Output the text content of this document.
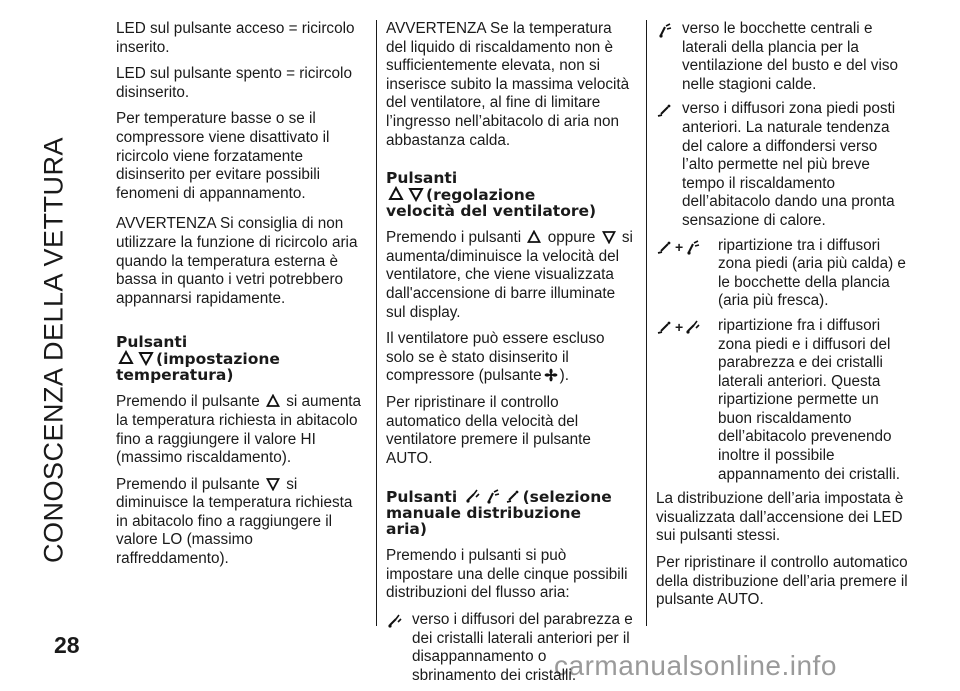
CONOSCENZA DELLA VETTURA
28
carmanualsonline.info

LED sul pulsante acceso = ricircolo inserito.

LED sul pulsante spento = ricircolo disinserito.

Per temperature basse o se il compressore viene disattivato il ricircolo viene forzatamente disinserito per evitare possibili fenomeni di appannamento.

AVVERTENZA Si consiglia di non utilizzare la funzione di ricircolo aria quando la temperatura esterna è bassa in quanto i vetri potrebbero appannarsi rapidamente.

Pulsanti

(impostazione
temperatura)

Premendo il pulsante si aumenta la temperatura richiesta in abitacolo fino a raggiungere il valore HI (massimo riscaldamento).

Premendo il pulsante si diminuisce la temperatura richiesta in abitacolo fino a raggiungere il valore LO (massimo raffreddamento).

AVVERTENZA Se la temperatura del liquido di riscaldamento non è sufficientemente elevata, non si inserisce subito la massima velocità del ventilatore, al fine di limitare l’ingresso nell’abitacolo di aria non abbastanza calda.

Pulsanti

(regolazione
velocità del ventilatore)

Premendo i pulsanti oppure si aumenta/diminuisce la velocità del ventilatore, che viene visualizzata dall'accensione di barre illuminate sul display.

Il ventilatore può essere escluso solo se è stato disinserito il compressore (pulsante ).

Per ripristinare il controllo automatico della velocità del ventilatore premere il pulsante AUTO.

Pulsanti	(selezione
manuale distribuzione
aria)

Premendo i pulsanti si può impostare una delle cinque possibili distribuzioni del flusso aria:

verso i diffusori del parabrezza e dei cristalli laterali anteriori per il disappannamento o sbrinamento dei cristalli.
verso le bocchette centrali e laterali della plancia per la ventilazione del busto e del viso nelle stagioni calde.
verso i diffusori zona piedi posti anteriori. La naturale tendenza del calore a diffondersi verso l’alto permette nel più breve tempo il riscaldamento dell’abitacolo dando una pronta sensazione di calore.
+	ripartizione tra i diffusori zona piedi (aria più calda) e le bocchette della plancia (aria più fresca).
+	ripartizione fra i diffusori zona piedi e i diffusori del parabrezza e dei cristalli laterali anteriori. Questa ripartizione permette un buon riscaldamento dell’abitacolo prevenendo inoltre il possibile appannamento dei cristalli.

La distribuzione dell’aria impostata è visualizzata dall’accensione dei LED sui pulsanti stessi.

Per ripristinare il controllo automatico della distribuzione dell’aria premere il pulsante AUTO.
